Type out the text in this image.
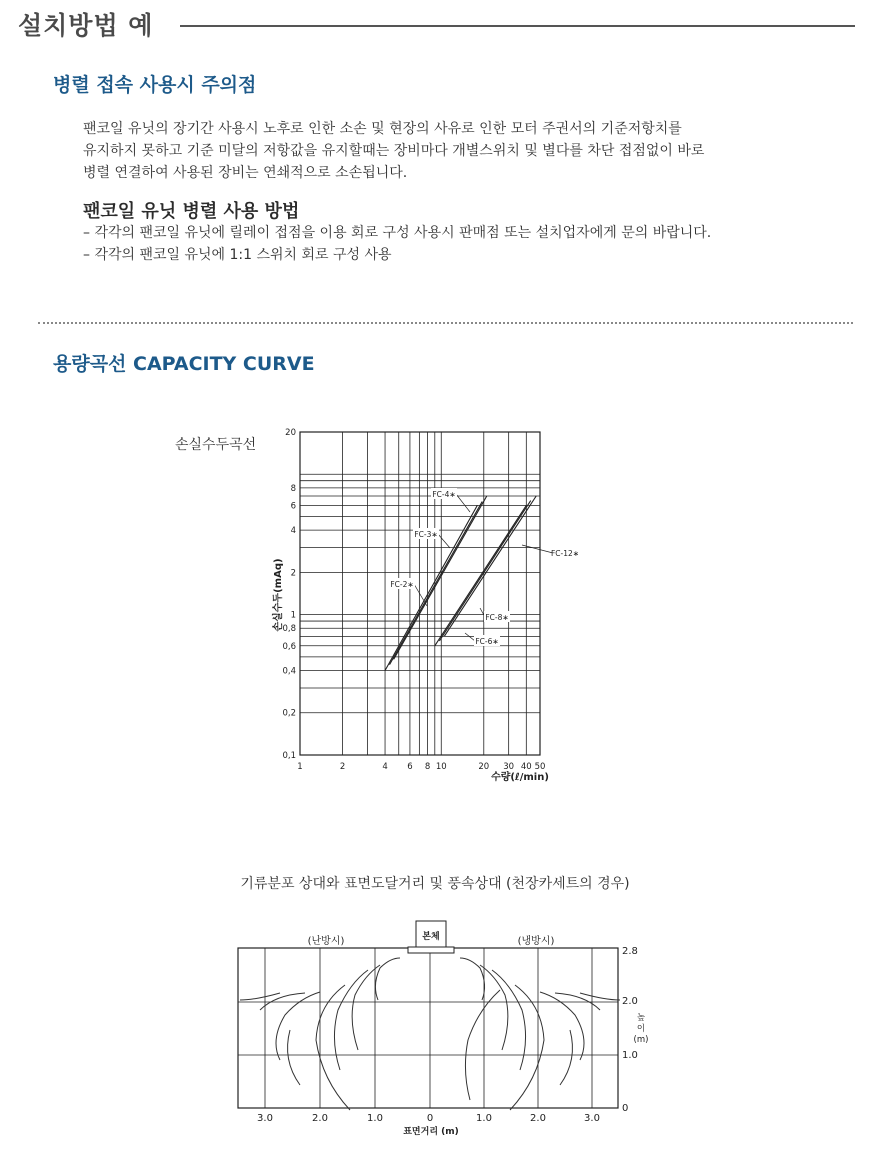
설치방법 예
병렬 접속 사용시 주의점
팬코일 유닛의 장기간 사용시 노후로 인한 소손 및 현장의 사유로 인한 모터 주권서의 기준저항치를
유지하지 못하고 기준 미달의 저항값을 유지할때는 장비마다 개별스위치 및 별다를 차단 접점없이 바로
병렬 연결하여 사용된 장비는 연쇄적으로 소손됩니다.
팬코일 유닛 병렬 사용 방법
– 각각의 팬코일 유닛에 릴레이 접점을 이용 회로 구성 사용시 판매점 또는 설치업자에게 문의 바랍니다.
– 각각의 팬코일 유닛에 1:1 스위치 회로 구성 사용
용량곡선 CAPACITY CURVE
손실수두곡선
FC-2∗
FC-3∗
FC-4∗
FC-6∗
FC-8∗
FC-12∗
1	2	4 6 8 10	20 30 40 50
0,1
0,2
0,4
0,6
0,8
1
2
4
6
8
20
수량(ℓ/min)
손실수두(mAq)
기류분포 상대와 표면도달거리 및 풍속상대 (천장카세트의 경우)
본체
(난방시)	(냉방시)
3.0	2.0	1.0	0	1.0	2.0	3.0
0
1.0
2.0
2.8
높
이
(m)
표면거리 (m)
